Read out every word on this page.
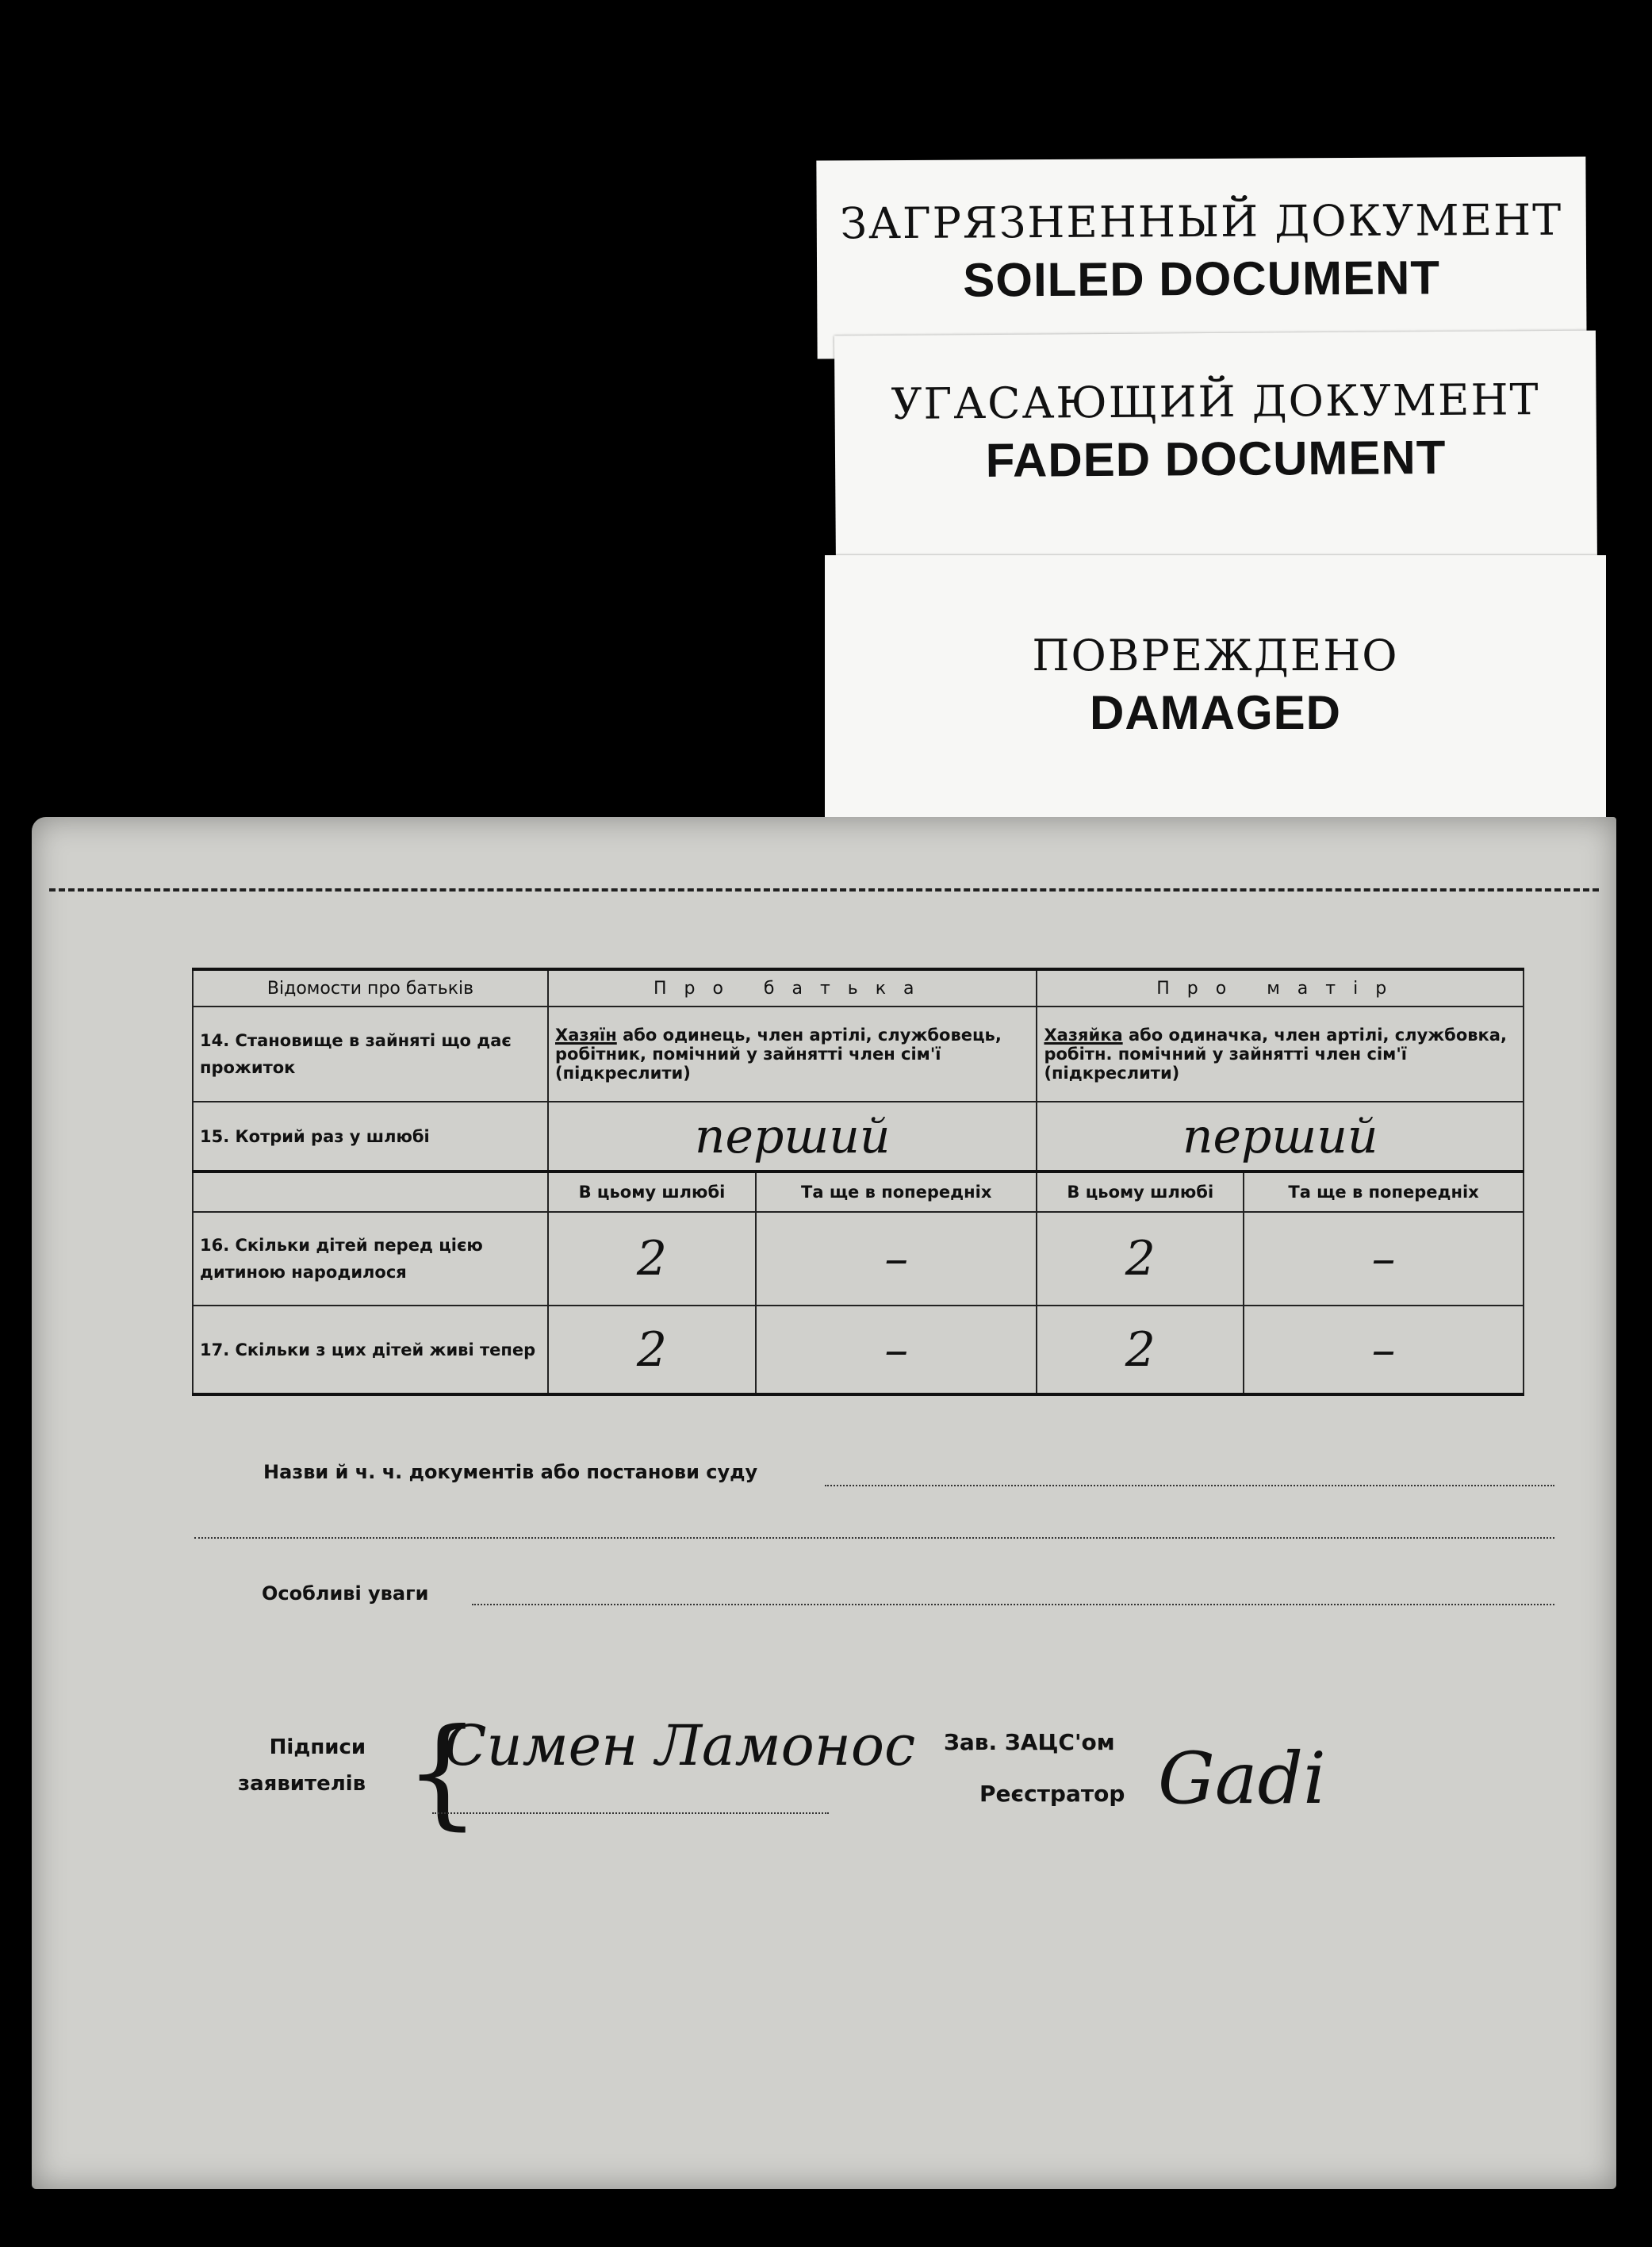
ЗАГРЯЗНЕННЫЙ ДОКУМЕНТ
SOILED DOCUMENT
УГАСАЮЩИЙ ДОКУМЕНТ
FADED DOCUMENT
ПОВРЕЖДЕНО
DAMAGED
Відомости про батьків	Про батька		Про матір	
14. Становище в зайняті що дає прожиток	Хазяїн або одинець, член артілі, службовець, робітник, помічний у зайнятті член сім'ї (підкреслити)		Хазяйка або одиначка, член артілі, службовка, робітн. помічний у зайнятті член сім'ї (підкреслити)	
15. Котрий раз у шлюбі	перший		перший	
	В цьому шлюбі	Та ще в попередніх	В цьому шлюбі	Та ще в попередніх
16. Скільки дітей перед цією дитиною народилося	2	–	2	–
17. Скільки з цих дітей живі тепер	2	–	2	–
Назви й ч. ч. документів або постанови суду
Особливі уваги
Підписи
заявителів {
Симен Ламонос Зав. ЗАЦС'ом
Реєстратор Gadi
